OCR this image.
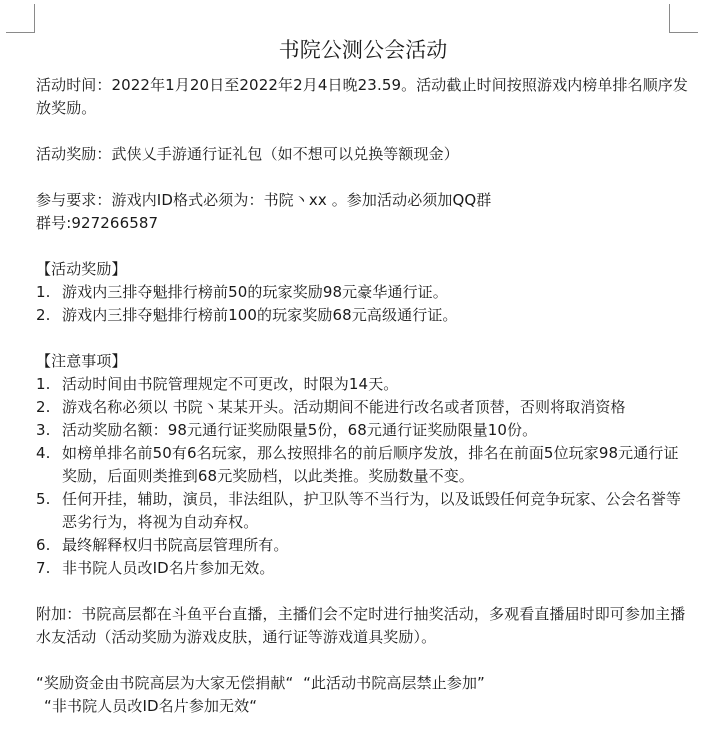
书院公测公会活动

活动时间：2022年1月20日至2022年2月4日晚23.59。活动截止时间按照游戏内榜单排名顺序发放奖励。

活动奖励：武侠乂手游通行证礼包（如不想可以兑换等额现金）

参与要求：游戏内ID格式必须为：书院丶xx 。参加活动必须加QQ群

群号:927266587

【活动奖励】

1. 游戏内三排夺魁排行榜前50的玩家奖励98元豪华通行证。
2. 游戏内三排夺魁排行榜前100的玩家奖励68元高级通行证。

【注意事项】

1. 活动时间由书院管理规定不可更改，时限为14天。
2. 游戏名称必须以 书院丶某某开头。活动期间不能进行改名或者顶替，否则将取消资格
3. 活动奖励名额：98元通行证奖励限量5份，68元通行证奖励限量10份。
4. 如榜单排名前50有6名玩家，那么按照排名的前后顺序发放，排名在前面5位玩家98元通行证奖励，后面则类推到68元奖励档，以此类推。奖励数量不变。
5. 任何开挂，辅助，演员，非法组队，护卫队等不当行为，以及诋毁任何竞争玩家、公会名誉等恶劣行为，将视为自动弃权。
6. 最终解释权归书院高层管理所有。
7. 非书院人员改ID名片参加无效。

附加：书院高层都在斗鱼平台直播，主播们会不定时进行抽奖活动，多观看直播届时即可参加主播水友活动（活动奖励为游戏皮肤，通行证等游戏道具奖励）。

“奖励资金由书院高层为大家无偿捐献“  “此活动书院高层禁止参加”

“非书院人员改ID名片参加无效“
